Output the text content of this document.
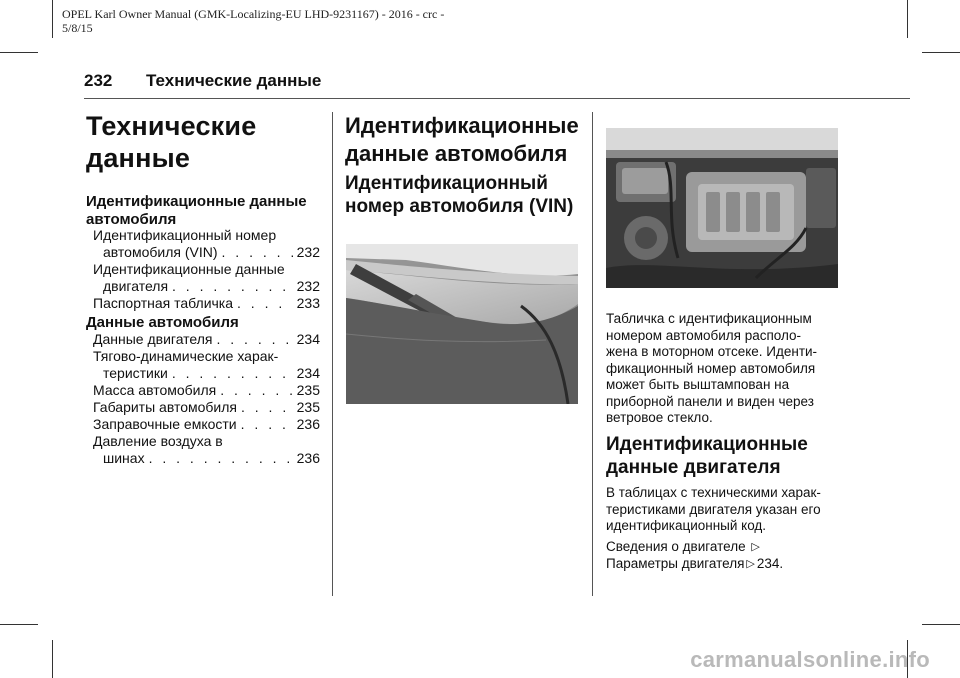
OPEL Karl Owner Manual (GMK-Localizing-EU LHD-9231167) - 2016 - crc -
5/8/15
232 Технические данные
Технические
данные
Идентификационные данные
автомобиля
Идентификационный номер
автомобиля (VIN) . . .	232
Идентификационные данные
двигателя . . .	232
Паспортная табличка . . .	233
Данные автомобиля
Данные двигателя . . .	234
Тягово-динамические харак-
теристики . . .	234
Масса автомобиля . . .	235
Габариты автомобиля . . .	235
Заправочные емкости . . .	236
Давление воздуха в
шинах . . .	236
Идентификационные
данные автомобиля
Идентификационный
номер автомобиля (VIN)
Табличка с идентификационным
номером автомобиля располо-
жена в моторном отсеке. Иденти-
фикационный номер автомобиля
может быть выштампован на
приборной панели и виден через
ветровое стекло.
Идентификационные
данные двигателя
В таблицах с техническими харак-
теристиками двигателя указан его
идентификационный код.
Сведения о двигателе ▷
Параметры двигателя ▷ 234.
carmanualsonline.info
